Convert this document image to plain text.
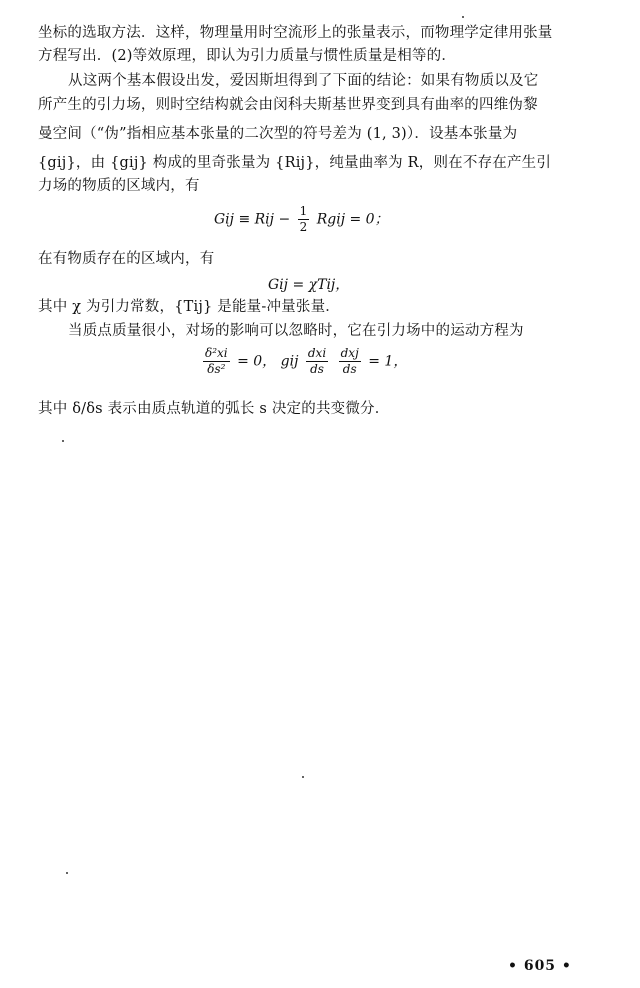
坐标的选取方法．这样，物理量用时空流形上的张量表示，而物理学定律用张量
方程写出．(2)等效原理，即认为引力质量与惯性质量是相等的．
从这两个基本假设出发，爱因斯坦得到了下面的结论：如果有物质以及它
所产生的引力场，则时空结构就会由闵科夫斯基世界变到具有曲率的四维伪黎
曼空间（“伪”指相应基本张量的二次型的符号差为 (1, 3)）．设基本张量为
{gij}，由 {gij} 构成的里奇张量为 {Rij}，纯量曲率为 R，则在不存在产生引
力场的物质的区域内，有
Gij ≡ Rij − $\frac{1}{2}$ Rgij = 0；
在有物质存在的区域内，有
Gij = χTij，
其中 χ 为引力常数，{Tij} 是能量-冲量张量．
当质点质量很小，对场的影响可以忽略时，它在引力场中的运动方程为
$\frac{\text{δ²xi}}{\text{δs²}} = 0$， gij $\frac{\text{dxi}}{ds}$
$\frac{\text{dxj}}{ds} = 1$，
其中 δ/δs 表示由质点轨道的弧长 s 决定的共变微分．
• 605 •
